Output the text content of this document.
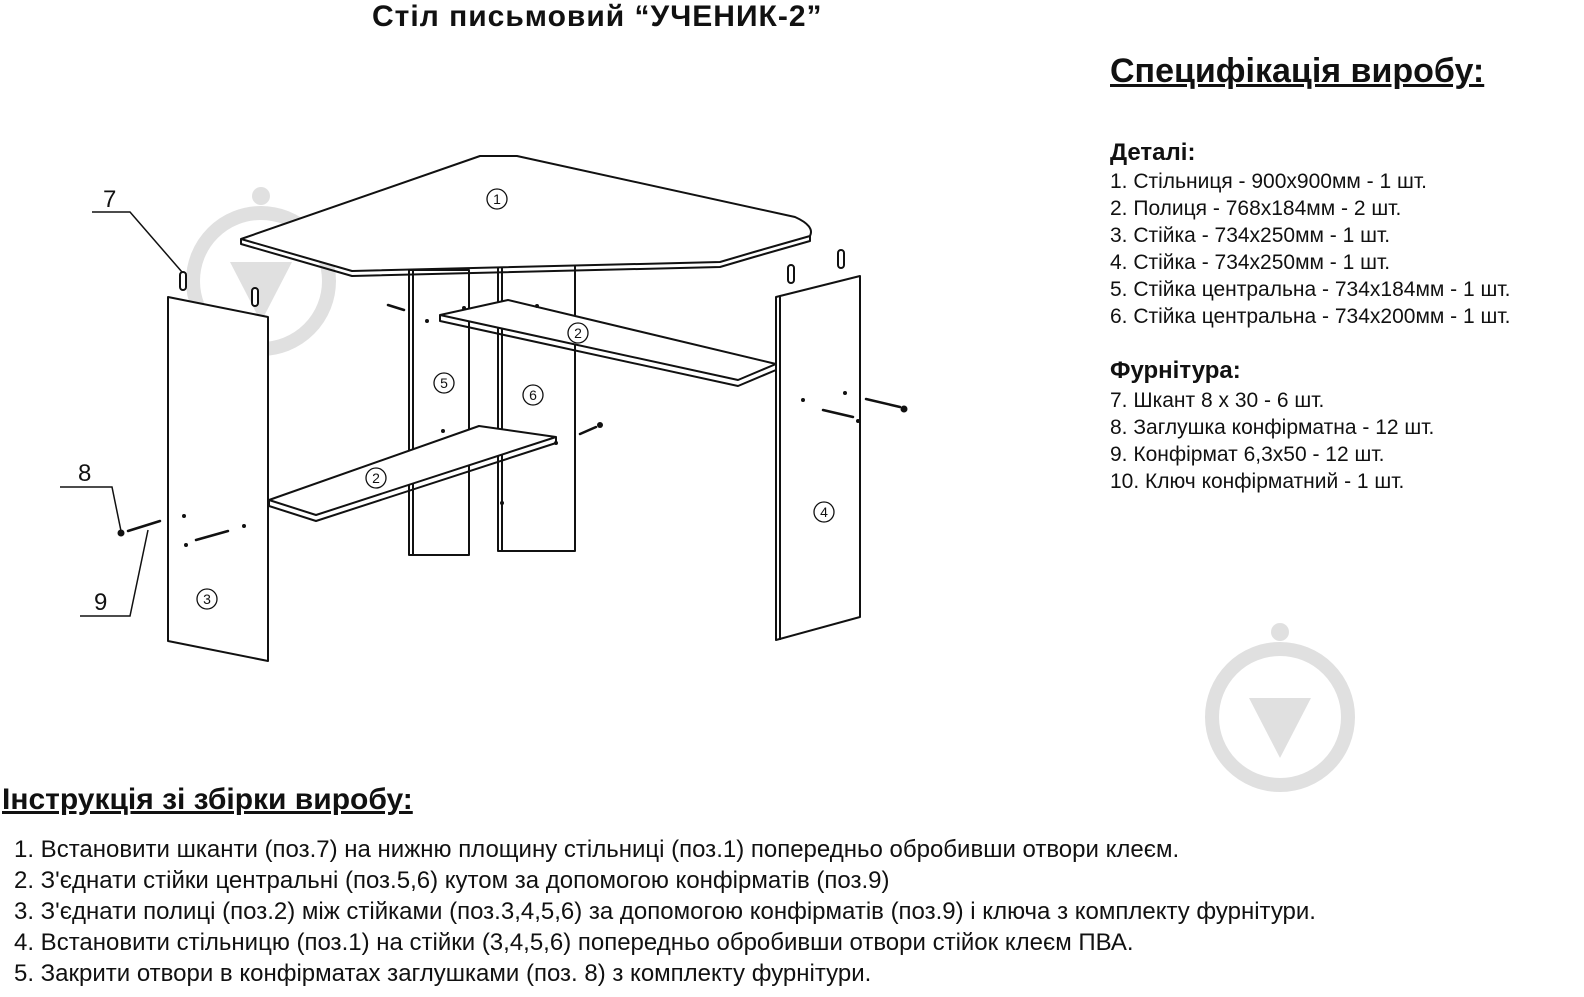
Стіл письмовий “УЧЕНИК-2”
Специфікація виробу:
Деталі:
1. Стільниця - 900х900мм - 1 шт.
2. Полиця - 768х184мм - 2 шт.
3. Стійка - 734х250мм - 1 шт.
4. Стійка - 734х250мм - 1 шт.
5. Стійка центральна - 734х184мм - 1 шт.
6. Стійка центральна - 734х200мм - 1 шт.
Фурнітура:
7. Шкант 8 х 30 - 6 шт.
8. Заглушка конфірматна - 12 шт.
9. Конфірмат 6,3х50 - 12 шт.
10. Ключ конфірматний - 1 шт.
7
8
9
1
2
2
3
4
5
6
Інструкція зі збірки виробу:
1. Встановити шканти (поз.7) на нижню площину стільниці (поз.1) попередньо обробивши отвори клеєм.
2. З'єднати стійки центральні (поз.5,6) кутом за допомогою конфірматів (поз.9)
3. З'єднати полиці (поз.2) між стійками (поз.3,4,5,6) за допомогою конфірматів (поз.9) і ключа з комплекту фурнітури.
4. Встановити стільницю (поз.1) на стійки (3,4,5,6) попередньо обробивши отвори стійок клеєм ПВА.
5. Закрити отвори в конфірматах заглушками (поз. 8) з комплекту фурнітури.
